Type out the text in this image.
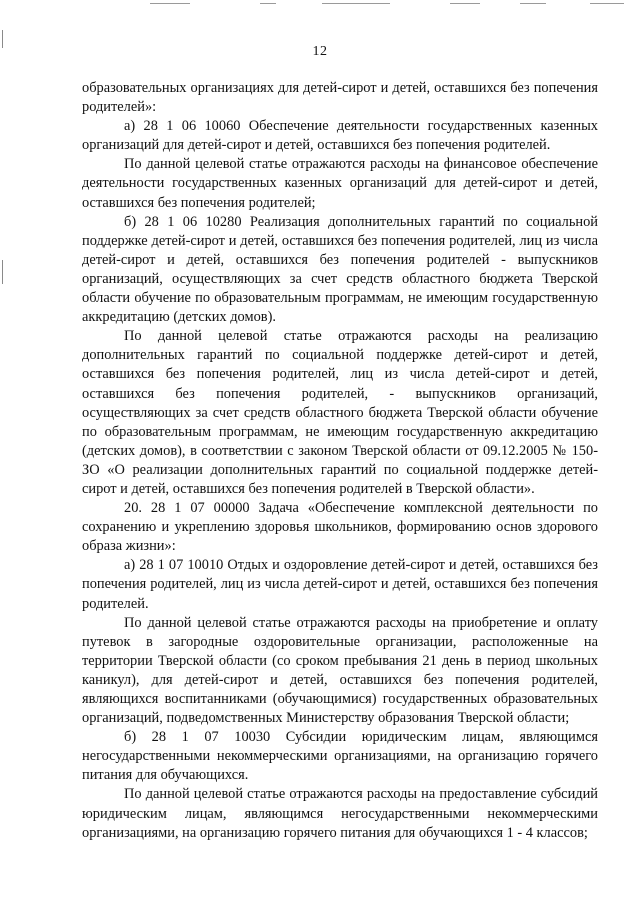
12

образовательных организациях для детей-сирот и детей, оставшихся без попечения родителей»:

а) 28 1 06 10060 Обеспечение деятельности государственных казенных организаций для детей-сирот и детей, оставшихся без попечения родителей.

По данной целевой статье отражаются расходы на финансовое обеспечение деятельности государственных казенных организаций для детей-сирот и детей, оставшихся без попечения родителей;

б) 28 1 06 10280 Реализация дополнительных гарантий по социальной поддержке детей-сирот и детей, оставшихся без попечения родителей, лиц из числа детей-сирот и детей, оставшихся без попечения родителей - выпускников организаций, осуществляющих за счет средств областного бюджета Тверской области обучение по образовательным программам, не имеющим государственную аккредитацию (детских домов).

По данной целевой статье отражаются расходы на реализацию дополнительных гарантий по социальной поддержке детей-сирот и детей, оставшихся без попечения родителей, лиц из числа детей-сирот и детей, оставшихся без попечения родителей, - выпускников организаций, осуществляющих за счет средств областного бюджета Тверской области обучение по образовательным программам, не имеющим государственную аккредитацию (детских домов), в соответствии с законом Тверской области от 09.12.2005 № 150-ЗО «О реализации дополнительных гарантий по социальной поддержке детей-сирот и детей, оставшихся без попечения родителей в Тверской области».

20. 28 1 07 00000 Задача «Обеспечение комплексной деятельности по сохранению и укреплению здоровья школьников, формированию основ здорового образа жизни»:

а) 28 1 07 10010 Отдых и оздоровление детей-сирот и детей, оставшихся без попечения родителей, лиц из числа детей-сирот и детей, оставшихся без попечения родителей.

По данной целевой статье отражаются расходы на приобретение и оплату путевок в загородные оздоровительные организации, расположенные на территории Тверской области (со сроком пребывания 21 день в период школьных каникул), для детей-сирот и детей, оставшихся без попечения родителей, являющихся воспитанниками (обучающимися) государственных образовательных организаций, подведомственных Министерству образования Тверской области;

б) 28 1 07 10030 Субсидии юридическим лицам, являющимся негосударственными некоммерческими организациями, на организацию горячего питания для обучающихся.

По данной целевой статье отражаются расходы на предоставление субсидий юридическим лицам, являющимся негосударственными некоммерческими организациями, на организацию горячего питания для обучающихся 1 - 4 классов;
